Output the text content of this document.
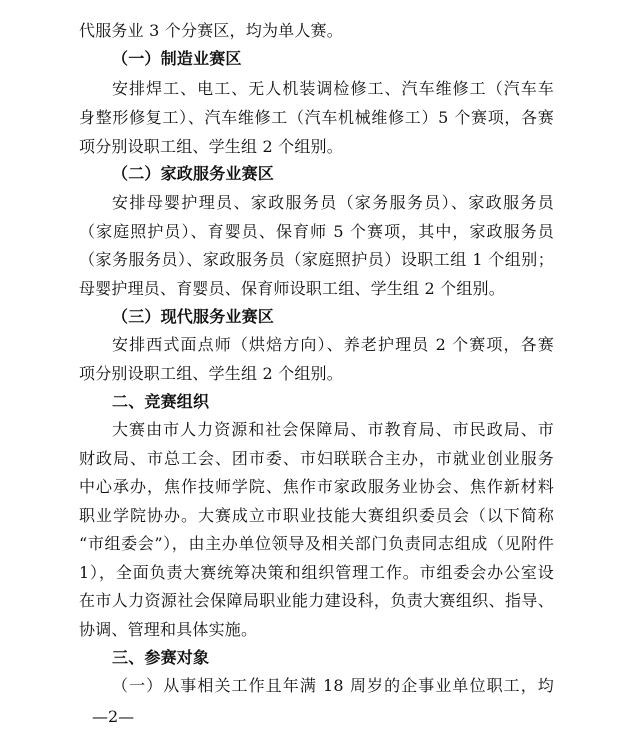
代服务业 3 个分赛区，均为单人赛。
（一）制造业赛区
安排焊工、电工、无人机装调检修工、汽车维修工（汽车车
身整形修复工）、汽车维修工（汽车机械维修工）5 个赛项，各赛
项分别设职工组、学生组 2 个组别。
（二）家政服务业赛区
安排母婴护理员、家政服务员（家务服务员）、家政服务员
（家庭照护员）、育婴员、保育师 5 个赛项，其中，家政服务员
（家务服务员）、家政服务员（家庭照护员）设职工组 1 个组别；
母婴护理员、育婴员、保育师设职工组、学生组 2 个组别。
（三）现代服务业赛区
安排西式面点师（烘焙方向）、养老护理员 2 个赛项，各赛
项分别设职工组、学生组 2 个组别。
二、竞赛组织
大赛由市人力资源和社会保障局、市教育局、市民政局、市
财政局、市总工会、团市委、市妇联联合主办，市就业创业服务
中心承办，焦作技师学院、焦作市家政服务业协会、焦作新材料
职业学院协办。大赛成立市职业技能大赛组织委员会（以下简称
“市组委会”），由主办单位领导及相关部门负责同志组成（见附件
1），全面负责大赛统筹决策和组织管理工作。市组委会办公室设
在市人力资源社会保障局职业能力建设科，负责大赛组织、指导、
协调、管理和具体实施。
三、参赛对象
（一）从事相关工作且年满 18 周岁的企事业单位职工，均
—2—
